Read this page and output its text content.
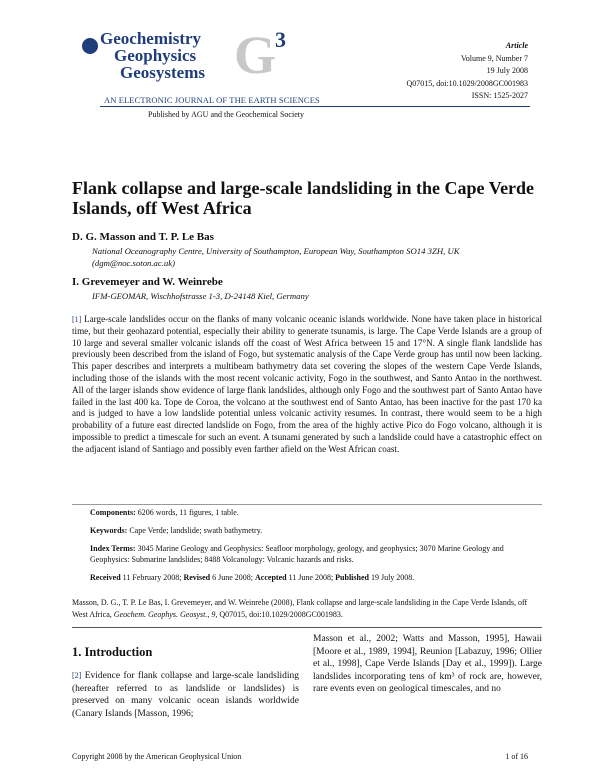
Geochemistry
Geophysics
Geosystems $G^3$
AN ELECTRONIC JOURNAL OF THE EARTH SCIENCES
Published by AGU and the Geochemical Society
Article
Volume 9, Number 7
19 July 2008
Q07015, doi:10.1029/2008GC001983
ISSN: 1525-2027
Flank collapse and large-scale landsliding in the Cape Verde Islands, off West Africa
D. G. Masson and T. P. Le Bas
National Oceanography Centre, University of Southampton, European Way, Southampton SO14 3ZH, UK
(dgm@noc.soton.ac.uk)
I. Grevemeyer and W. Weinrebe
IFM-GEOMAR, Wischhofstrasse 1-3, D-24148 Kiel, Germany
[1] Large-scale landslides occur on the flanks of many volcanic oceanic islands worldwide. None have taken place in historical time, but their geohazard potential, especially their ability to generate tsunamis, is large. The Cape Verde Islands are a group of 10 large and several smaller volcanic islands off the coast of West Africa between 15 and 17°N. A single flank landslide has previously been described from the island of Fogo, but systematic analysis of the Cape Verde group has until now been lacking. This paper describes and interprets a multibeam bathymetry data set covering the slopes of the western Cape Verde Islands, including those of the islands with the most recent volcanic activity, Fogo in the southwest, and Santo Antao in the northwest. All of the larger islands show evidence of large flank landslides, although only Fogo and the southwest part of Santo Antao have failed in the last 400 ka. Tope de Coroa, the volcano at the southwest end of Santo Antao, has been inactive for the past 170 ka and is judged to have a low landslide potential unless volcanic activity resumes. In contrast, there would seem to be a high probability of a future east directed landslide on Fogo, from the area of the highly active Pico do Fogo volcano, although it is impossible to predict a timescale for such an event. A tsunami generated by such a landslide could have a catastrophic effect on the adjacent island of Santiago and possibly even farther afield on the West African coast.
Components: 6206 words, 11 figures, 1 table.
Keywords: Cape Verde; landslide; swath bathymetry.
Index Terms: 3045 Marine Geology and Geophysics: Seafloor morphology, geology, and geophysics; 3070 Marine Geology and Geophysics: Submarine landslides; 8488 Volcanology: Volcanic hazards and risks.
Received 11 February 2008; Revised 6 June 2008; Accepted 11 June 2008; Published 19 July 2008.
Masson, D. G., T. P. Le Bas, I. Grevemeyer, and W. Weinrebe (2008), Flank collapse and large-scale landsliding in the Cape Verde Islands, off West Africa, Geochem. Geophys. Geosyst., 9, Q07015, doi:10.1029/2008GC001983.
1. Introduction
[2] Evidence for flank collapse and large-scale landsliding (hereafter referred to as landslide or landslides) is preserved on many volcanic ocean islands worldwide (Canary Islands [Masson, 1996;
Masson et al., 2002; Watts and Masson, 1995], Hawaii [Moore et al., 1989, 1994], Reunion [Labazuy, 1996; Ollier et al., 1998], Cape Verde Islands [Day et al., 1999]). Large landslides incorporating tens of km³ of rock are, however, rare events even on geological timescales, and no
Copyright 2008 by the American Geophysical Union	1 of 16
